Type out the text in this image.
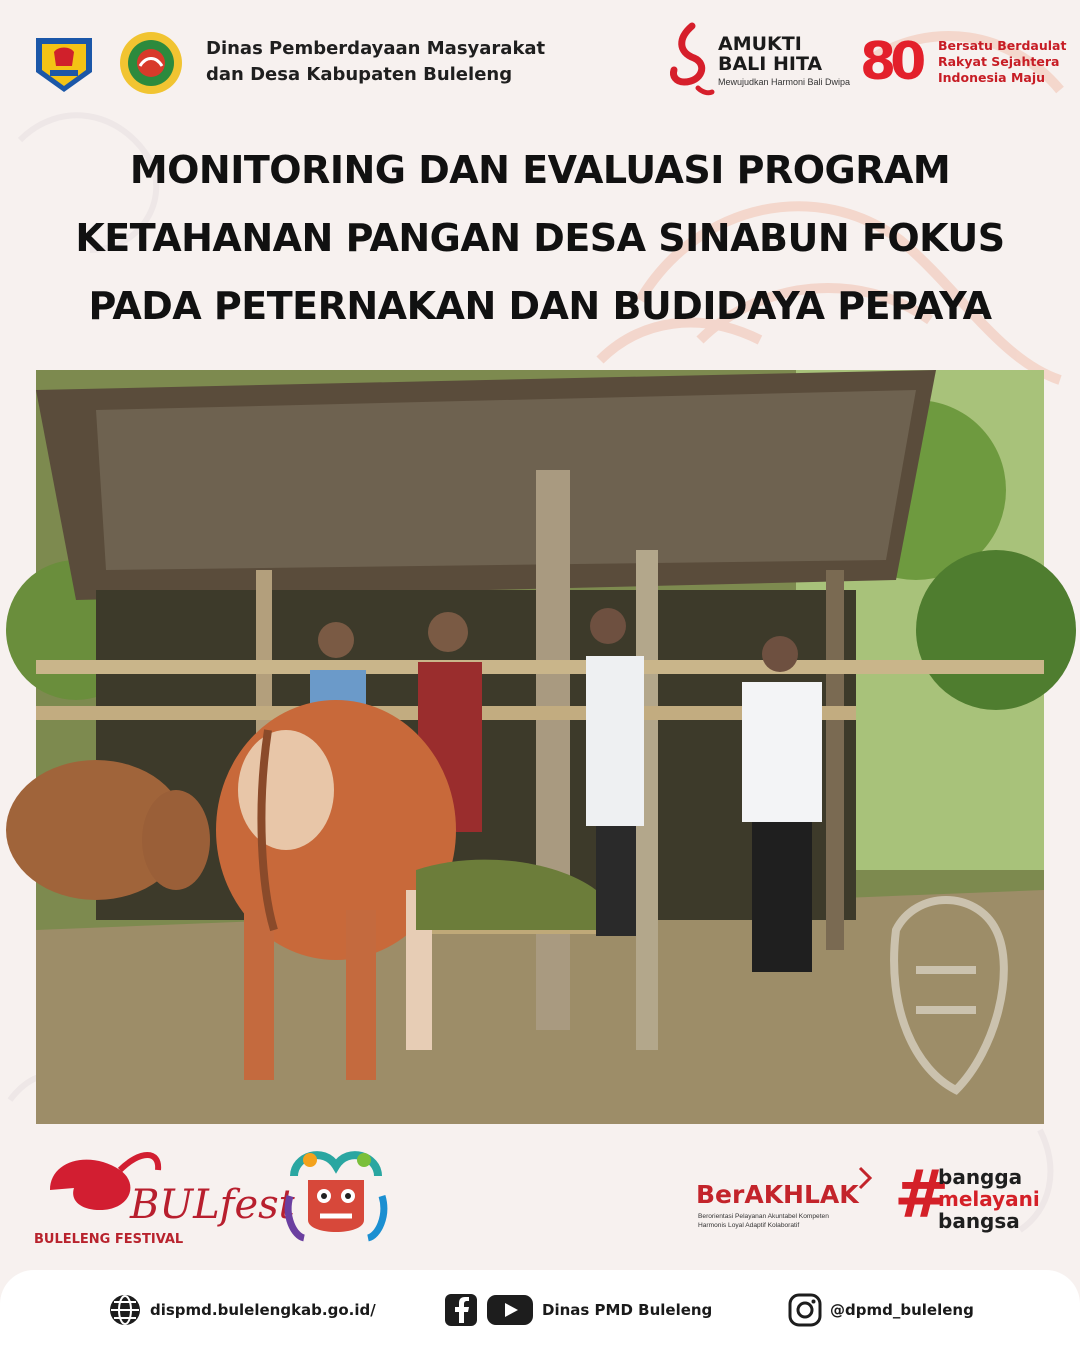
Dinas Pemberdayaan Masyarakat
dan Desa Kabupaten Buleleng
AMUKTI
BALI HITA
Mewujudkan Harmoni Bali Dwipa 80 Bersatu Berdaulat
Rakyat Sejahtera
Indonesia Maju
MONITORING DAN EVALUASI PROGRAM
KETAHANAN PANGAN DESA SINABUN FOKUS
PADA PETERNAKAN DAN BUDIDAYA PEPAYA
BULfest
BULELENG FESTIVAL
BerAKHLAK
Berorientasi Pelayanan Akuntabel Kompeten
Harmonis Loyal Adaptif Kolaboratif	#
bangga
melayani
bangsa
dispmd.bulelengkab.go.id/	Dinas PMD Buleleng	@dpmd_buleleng
